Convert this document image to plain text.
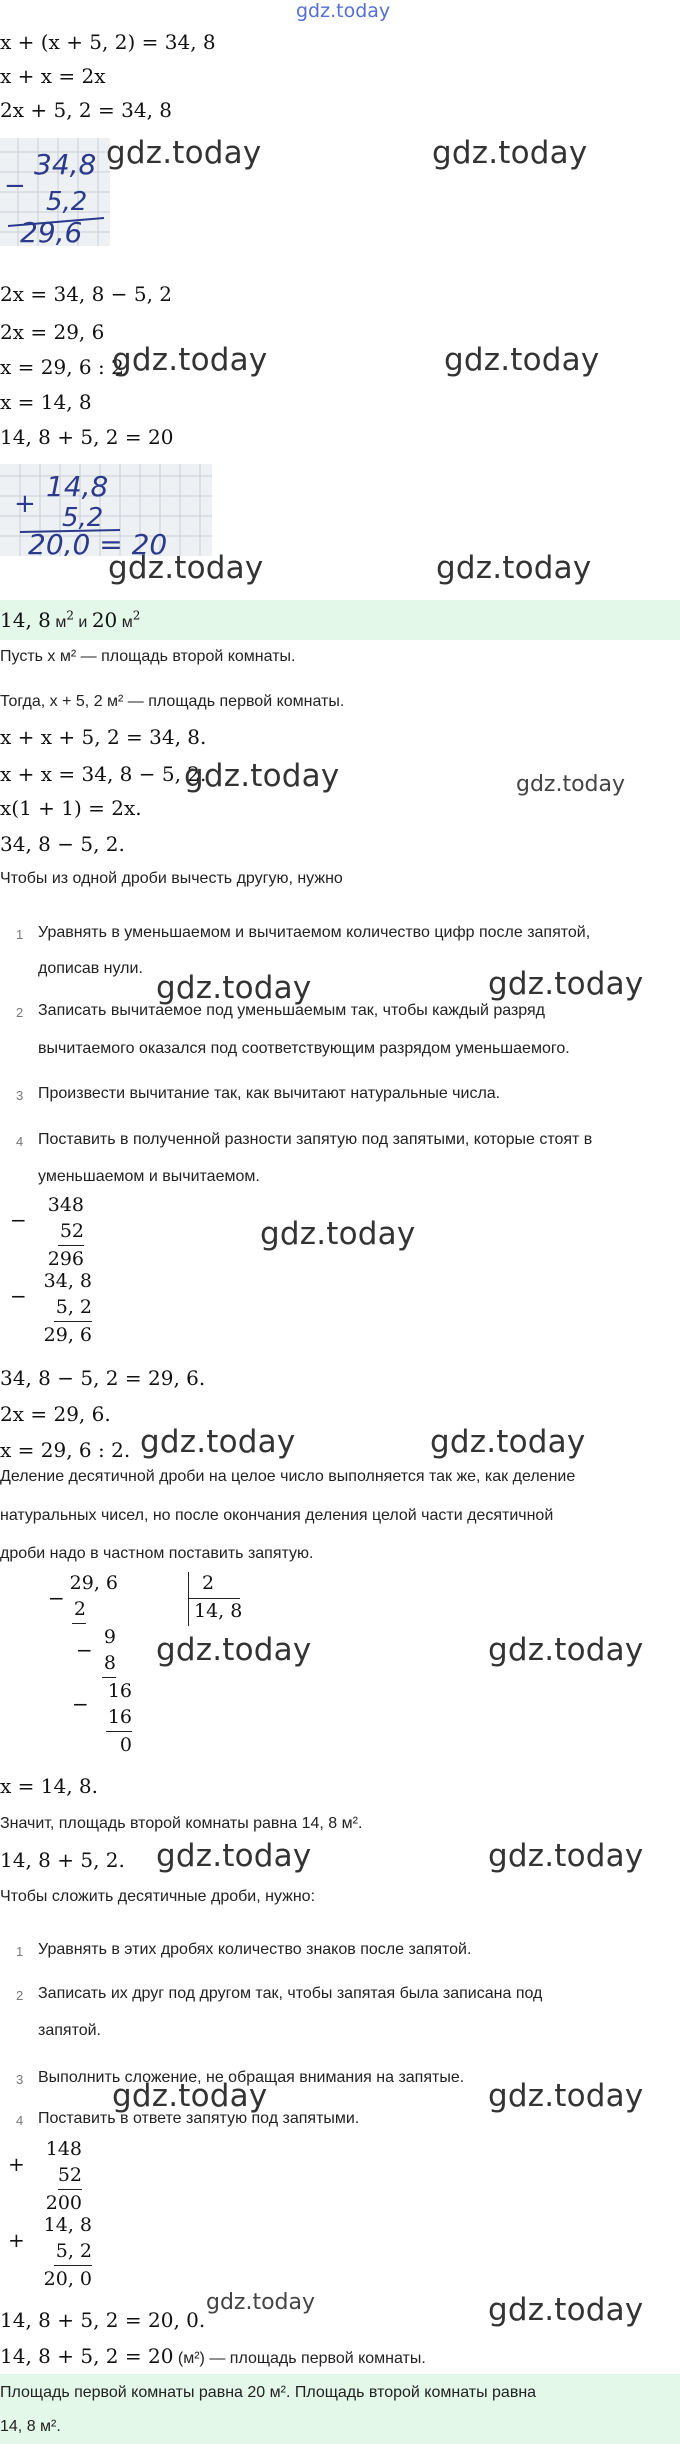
gdz.today
x + (x + 5, 2) = 34, 8
x + x = 2x
2x + 5, 2 = 34, 8
−
34,8
5,2
29,6
gdz.today	gdz.today
2x = 34, 8 − 5, 2
2x = 29, 6
x = 29, 6 : 2
gdz.today	gdz.today
x = 14, 8
14, 8 + 5, 2 = 20
+
14,8
5,2
20,0 = 20
gdz.today	gdz.today
14, 8 $м^2$ и 20 $м^2$
Пусть x м² — площадь второй комнаты.
Тогда, x + 5, 2 м² — площадь первой комнаты.
x + x + 5, 2 = 34, 8.
x + x = 34, 8 − 5, 2.
gdz.today	gdz.today
x(1 + 1) = 2x.
34, 8 − 5, 2.
Чтобы из одной дроби вычесть другую, нужно
1 Уравнять в уменьшаемом и вычитаемом количество цифр после запятой,
дописав нули.
2 Записать вычитаемое под уменьшаемым так, чтобы каждый разряд
вычитаемого оказался под соответствующим разрядом уменьшаемого.
3 Произвести вычитание так, как вычитают натуральные числа.
4 Поставить в полученной разности запятую под запятыми, которые стоят в
уменьшаемом и вычитаемом.
gdz.today	gdz.today
−
348
52
296
gdz.today
−
34, 8
5, 2
29, 6
34, 8 − 5, 2 = 29, 6.
2x = 29, 6.
x = 29, 6 : 2. gdz.today	gdz.today
Деление десятичной дроби на целое число выполняется так же, как деление
натуральных чисел, но после окончания деления целой части десятичной
дроби надо в частном поставить запятую.
−
29, 6
2
2
14, 8
−
9
8
−
16
16
0
gdz.today	gdz.today
x = 14, 8.
Значит, площадь второй комнаты равна 14, 8 м².
14, 8 + 5, 2. gdz.today	gdz.today
Чтобы сложить десятичные дроби, нужно:
1 Уравнять в этих дробях количество знаков после запятой.
2 Записать их друг под другом так, чтобы запятая была записана под
запятой.
3 Выполнить сложение, не обращая внимания на запятые.
4 Поставить в ответе запятую под запятыми.
gdz.today	gdz.today
+
148
52
200
+
14, 8
5, 2
20, 0
14, 8 + 5, 2 = 20, 0.
gdz.today	gdz.today
14, 8 + 5, 2 = 20 (м²) — площадь первой комнаты.
Площадь первой комнаты равна 20 м². Площадь второй комнаты равна
14, 8 м².
